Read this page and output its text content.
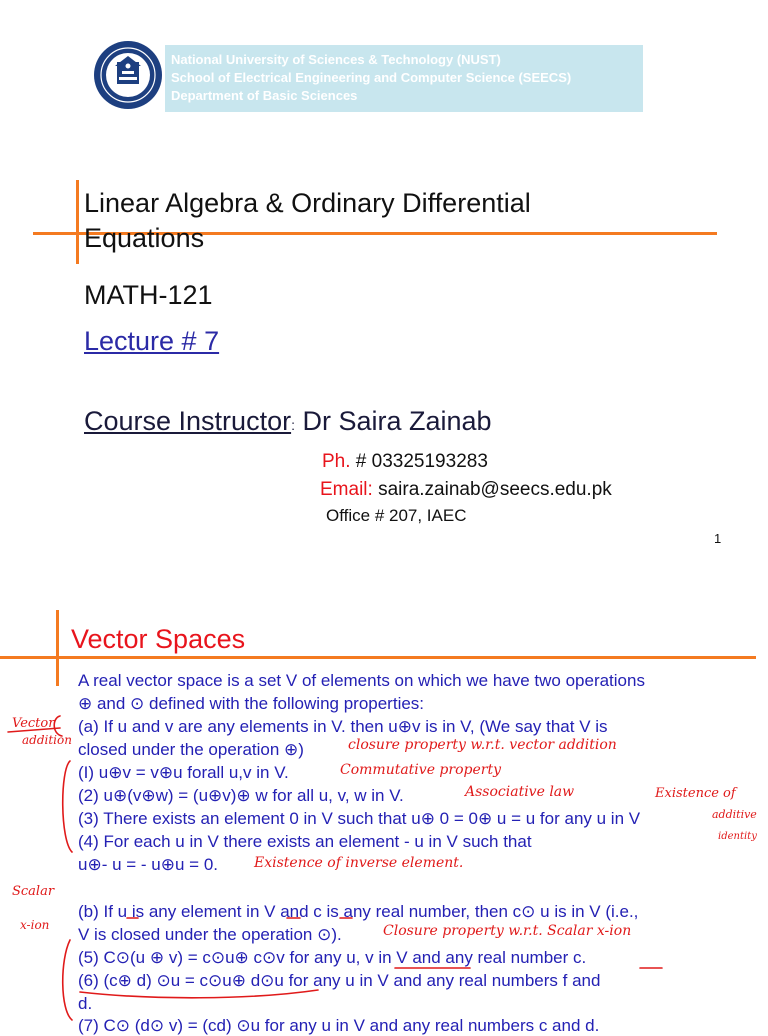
National University of Sciences & Technology (NUST)
School of Electrical Engineering and Computer Science (SEECS)
Department of Basic Sciences
Linear Algebra & Ordinary Differential Equations
MATH-121
Lecture # 7
Course Instructor: Dr Saira Zainab
Ph. # 03325193283
Email: saira.zainab@seecs.edu.pk
Office # 207, IAEC
1
Vector Spaces
A real vector space is a set V of elements on which we have two operations
⊕ and ⊙ defined with the following properties:
(a) If u and v are any elements in V. then u⊕v is in V, (We say that V is
closed under the operation ⊕)
(I) u⊕v = v⊕u forall u,v in V.
(2) u⊕(v⊕w) = (u⊕v)⊕ w for all u, v, w in V.
(3) There exists an element 0 in V such that u⊕ 0 = 0⊕ u = u for any u in V
(4) For each u in V there exists an element - u in V such that
u⊕- u = - u⊕u = 0.
(b) If u is any element in V and c is any real number, then c⊙ u is in V (i.e.,
V is closed under the operation ⊙).
(5) C⊙(u ⊕ v) = c⊙u⊕ c⊙v for any u, v in V and any real number c.
(6) (c⊕ d) ⊙u = c⊙u⊕ d⊙u for any u in V and any real numbers f and
d.
(7) C⊙ (d⊙ v) = (cd) ⊙u for any u in V and any real numbers c and d.
Vector
addition	closure property w.r.t. vector addition
Commutative property
Associative law	Existence of
additive
identity
Existence of inverse element.
Scalar
x-ion	Closure property w.r.t. Scalar x-ion
